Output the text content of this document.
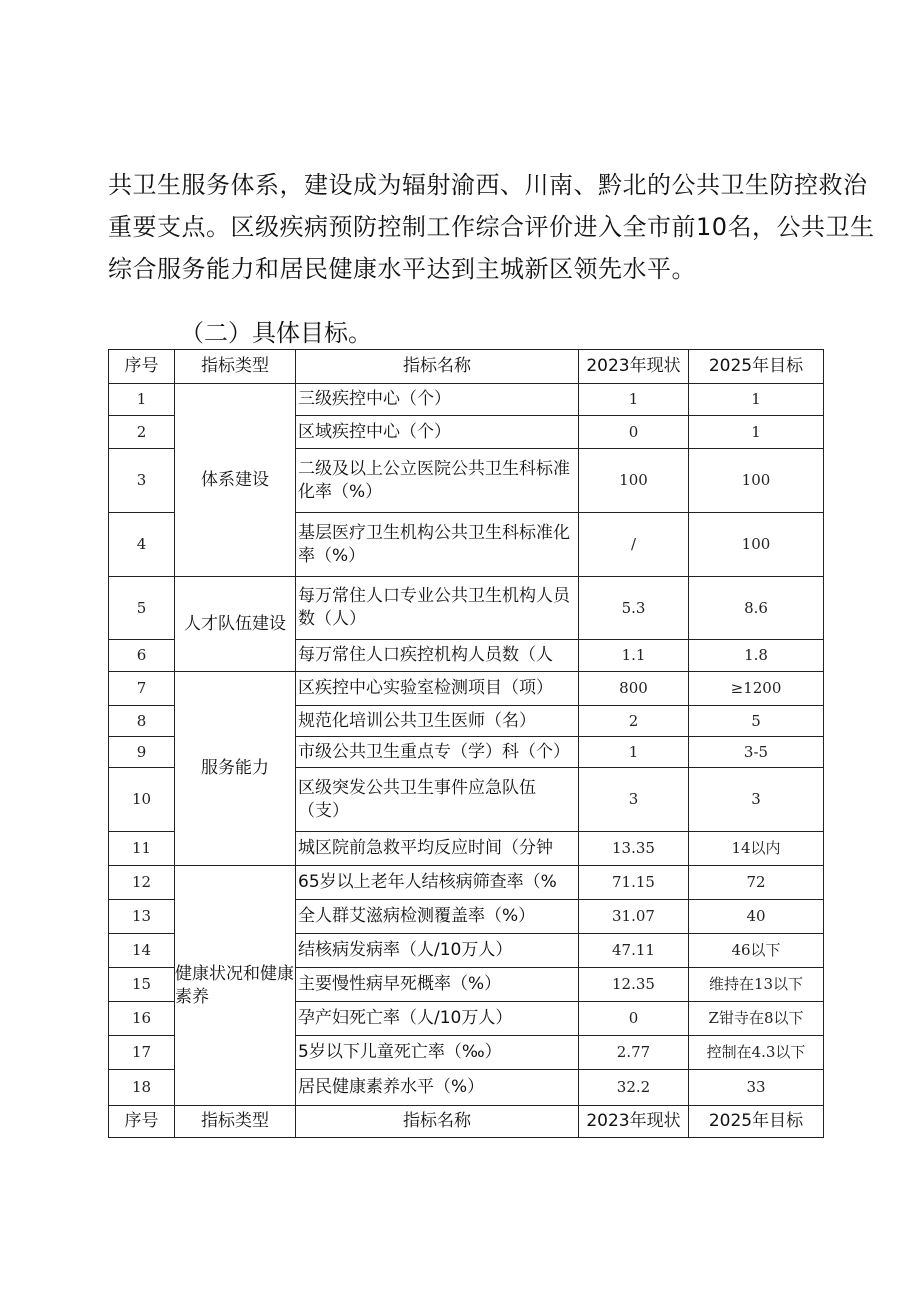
共卫生服务体系，建设成为辐射渝西、川南、黔北的公共卫生防控救治

重要支点。区级疾病预防控制工作综合评价进入全市前10名，公共卫生

综合服务能力和居民健康水平达到主城新区领先水平。

（二）具体目标。
序号	指标类型	指标名称	2023年现状	2025年目标
1	体系建设	三级疾控中心（个）	1	1
2		区域疾控中心（个）	0	1
3		二级及以上公立医院公共卫生科标准化率（%）	100	100
4		基层医疗卫生机构公共卫生科标准化率（%）	/	100
5	人才队伍建设	每万常住人口专业公共卫生机构人员数（人）	5.3	8.6
6		每万常住人口疾控机构人员数（人	1.1	1.8
7	服务能力	区疾控中心实验室检测项目（项）	800	≥1200
8		规范化培训公共卫生医师（名）	2	5
9		市级公共卫生重点专（学）科（个）	1	3-5
10		区级突发公共卫生事件应急队伍（支）	3	3
11		城区院前急救平均反应时间（分钟	13.35	14以内
12	健康状况和健康素养	65岁以上老年人结核病筛查率（%	71.15	72
13		全人群艾滋病检测覆盖率（%）	31.07	40
14		结核病发病率（人/10万人）	47.11	46以下
15		主要慢性病早死概率（%）	12.35	维持在13以下
16		孕产妇死亡率（人/10万人）	0	Z钳寺在8以下
17		5岁以下儿童死亡率（‰）	2.77	控制在4.3以下
18		居民健康素养水平（%）	32.2	33
序号	指标类型	指标名称	2023年现状	2025年目标
